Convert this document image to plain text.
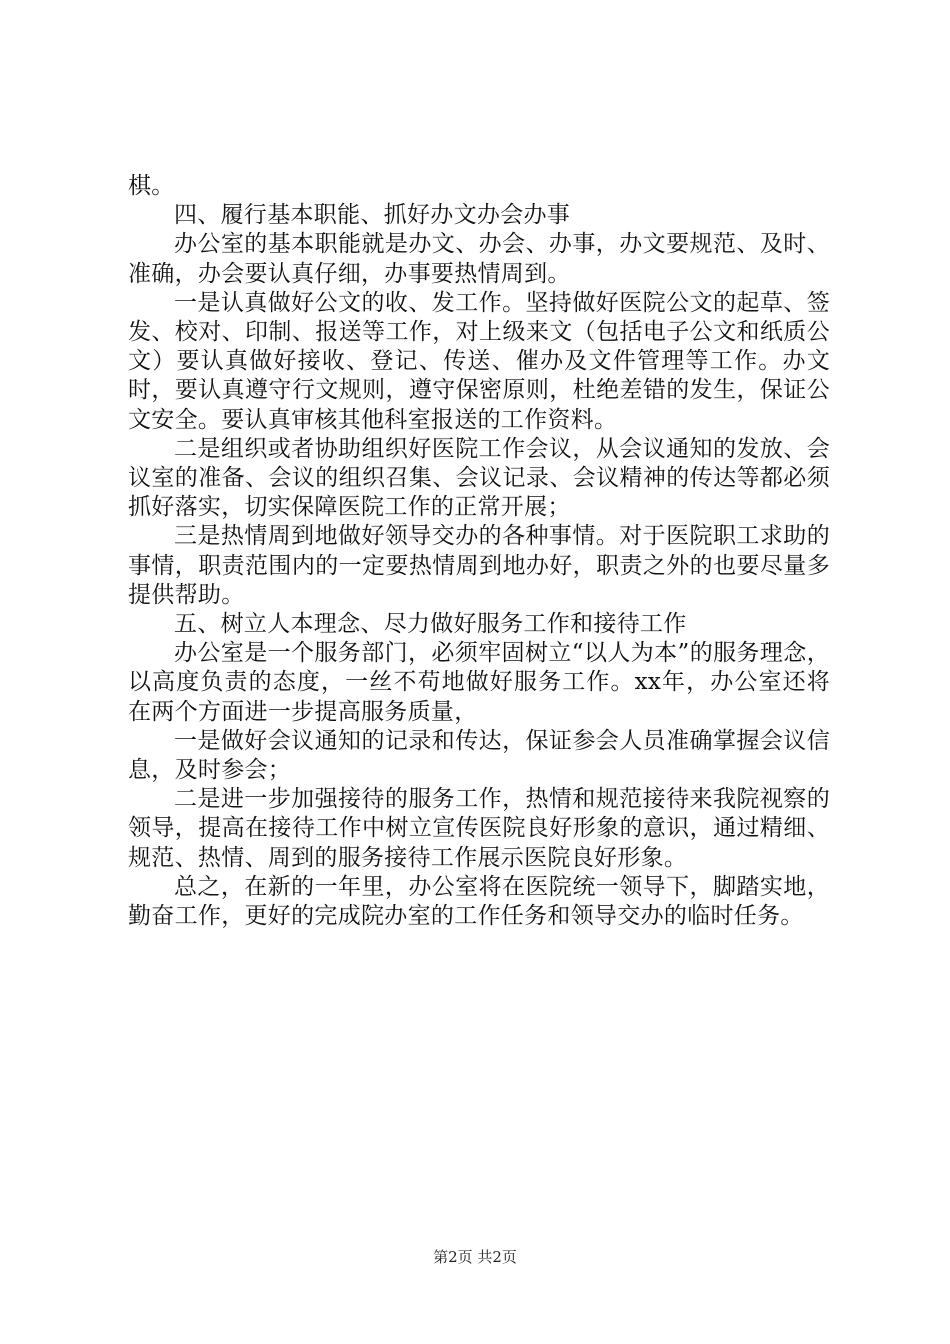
棋。

四、履行基本职能、抓好办文办会办事

办公室的基本职能就是办文、办会、办事，办文要规范、及时、准确，办会要认真仔细，办事要热情周到。

一是认真做好公文的收、发工作。坚持做好医院公文的起草、签发、校对、印制、报送等工作，对上级来文（包括电子公文和纸质公文）要认真做好接收、登记、传送、催办及文件管理等工作。办文时，要认真遵守行文规则，遵守保密原则，杜绝差错的发生，保证公文安全。要认真审核其他科室报送的工作资料。

二是组织或者协助组织好医院工作会议，从会议通知的发放、会议室的准备、会议的组织召集、会议记录、会议精神的传达等都必须抓好落实，切实保障医院工作的正常开展；

三是热情周到地做好领导交办的各种事情。对于医院职工求助的事情，职责范围内的一定要热情周到地办好，职责之外的也要尽量多提供帮助。

五、树立人本理念、尽力做好服务工作和接待工作

办公室是一个服务部门，必须牢固树立“以人为本”的服务理念，以高度负责的态度，一丝不苟地做好服务工作。xx年，办公室还将在两个方面进一步提高服务质量，

一是做好会议通知的记录和传达，保证参会人员准确掌握会议信息，及时参会；

二是进一步加强接待的服务工作，热情和规范接待来我院视察的领导，提高在接待工作中树立宣传医院良好形象的意识，通过精细、规范、热情、周到的服务接待工作展示医院良好形象。

总之，在新的一年里，办公室将在医院统一领导下，脚踏实地，勤奋工作，更好的完成院办室的工作任务和领导交办的临时任务。

第2页 共2页
